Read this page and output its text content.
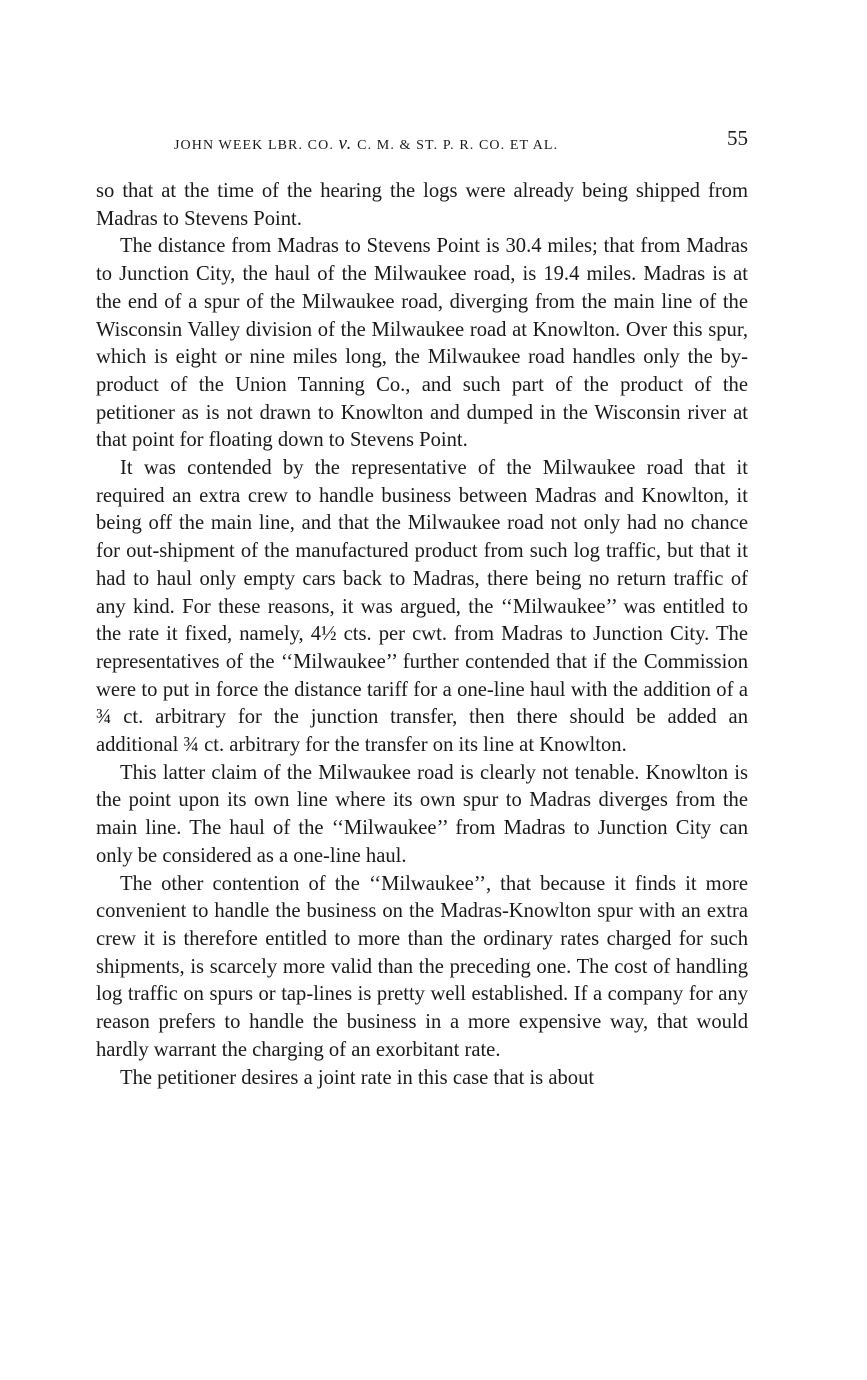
JOHN WEEK LBR. CO. v. C. M. & ST. P. R. CO. ET AL.	55

so that at the time of the hearing the logs were already being shipped from Madras to Stevens Point.

The distance from Madras to Stevens Point is 30.4 miles; that from Madras to Junction City, the haul of the Milwaukee road, is 19.4 miles. Madras is at the end of a spur of the Milwaukee road, diverging from the main line of the Wisconsin Valley division of the Milwaukee road at Knowlton. Over this spur, which is eight or nine miles long, the Milwaukee road handles only the by-product of the Union Tanning Co., and such part of the product of the petitioner as is not drawn to Knowlton and dumped in the Wisconsin river at that point for floating down to Stevens Point.

It was contended by the representative of the Milwaukee road that it required an extra crew to handle business between Madras and Knowlton, it being off the main line, and that the Milwaukee road not only had no chance for out-shipment of the manufactured product from such log traffic, but that it had to haul only empty cars back to Madras, there being no return traffic of any kind. For these reasons, it was argued, the ‘‘Milwaukee’’ was entitled to the rate it fixed, namely, 4½ cts. per cwt. from Madras to Junction City. The representatives of the ‘‘Milwaukee’’ further contended that if the Commission were to put in force the distance tariff for a one-line haul with the addition of a ¾ ct. arbitrary for the junction transfer, then there should be added an additional ¾ ct. arbitrary for the transfer on its line at Knowlton.

This latter claim of the Milwaukee road is clearly not tenable. Knowlton is the point upon its own line where its own spur to Madras diverges from the main line. The haul of the ‘‘Milwaukee’’ from Madras to Junction City can only be considered as a one-line haul.

The other contention of the ‘‘Milwaukee’’, that because it finds it more convenient to handle the business on the Madras-Knowlton spur with an extra crew it is therefore entitled to more than the ordinary rates charged for such shipments, is scarcely more valid than the preceding one. The cost of handling log traffic on spurs or tap-lines is pretty well established. If a company for any reason prefers to handle the business in a more expensive way, that would hardly warrant the charging of an exorbitant rate.

The petitioner desires a joint rate in this case that is about
